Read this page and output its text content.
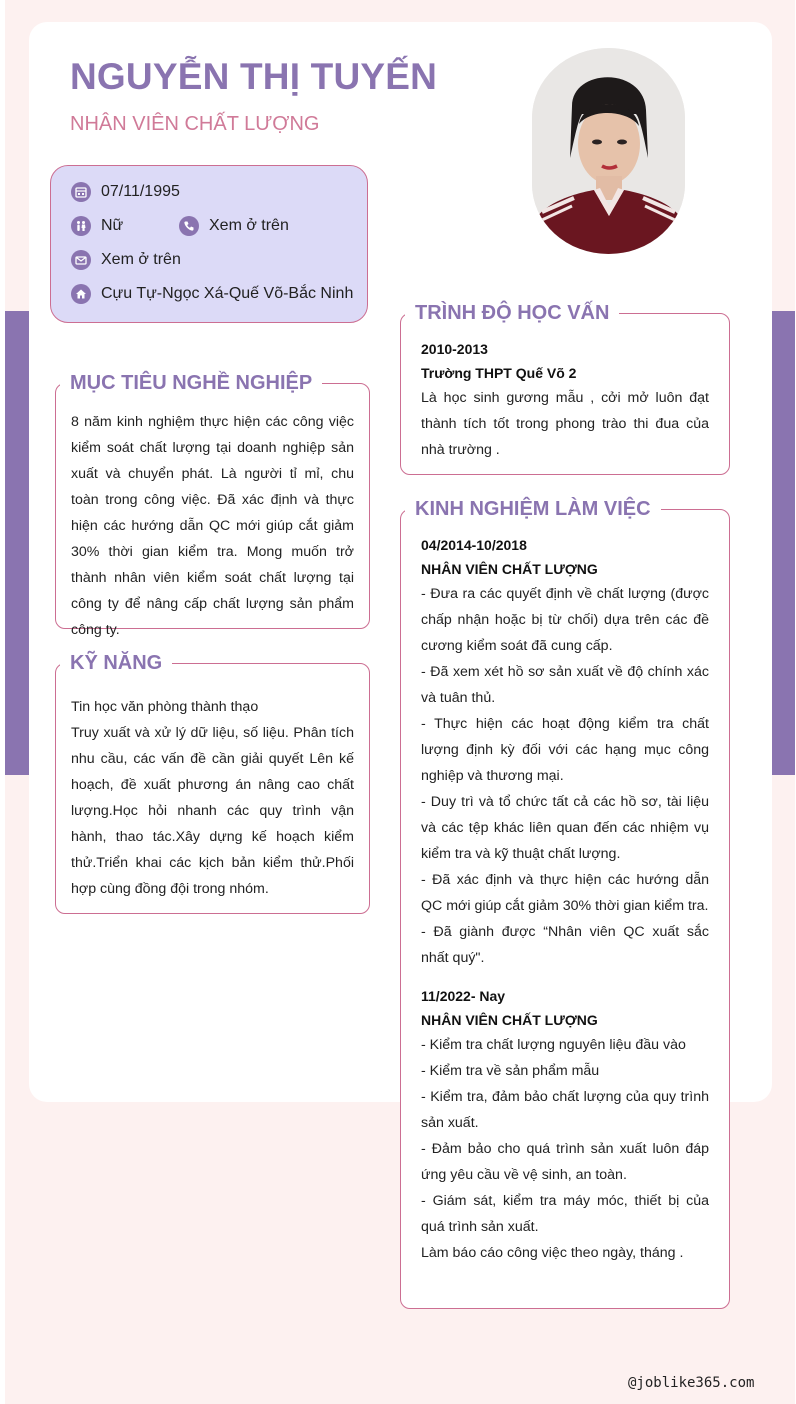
NGUYỄN THỊ TUYẾN
NHÂN VIÊN CHẤT LƯỢNG
07/11/1995
Nữ	Xem ở trên
Xem ở trên
Cựu Tự-Ngọc Xá-Quế Võ-Bắc Ninh
MỤC TIÊU NGHỀ NGHIỆP
8 năm kinh nghiệm thực hiện các công việc kiểm soát chất lượng tại doanh nghiệp sản xuất và chuyển phát. Là người tỉ mỉ, chu toàn trong công việc. Đã xác định và thực hiện các hướng dẫn QC mới giúp cắt giảm 30% thời gian kiểm tra. Mong muốn trở thành nhân viên kiểm soát chất lượng tại công ty để nâng cấp chất lượng sản phẩm công ty.
KỸ NĂNG
Tin học văn phòng thành thạo
Truy xuất và xử lý dữ liệu, số liệu. Phân tích nhu cầu, các vấn đề cần giải quyết Lên kế hoạch, đề xuất phương án nâng cao chất lượng.Học hỏi nhanh các quy trình vận hành, thao tác.Xây dựng kế hoạch kiểm thử.Triển khai các kịch bản kiểm thử.Phối hợp cùng đồng đội trong nhóm.
TRÌNH ĐỘ HỌC VẤN
2010-2013
Trường THPT Quế Võ 2
Là học sinh gương mẫu , cởi mở luôn đạt thành tích tốt trong phong trào thi đua của nhà trường .
KINH NGHIỆM LÀM VIỆC
04/2014-10/2018
NHÂN VIÊN CHẤT LƯỢNG
- Đưa ra các quyết định về chất lượng (được chấp nhận hoặc bị từ chối) dựa trên các đề cương kiểm soát đã cung cấp.
- Đã xem xét hồ sơ sản xuất về độ chính xác và tuân thủ.
- Thực hiện các hoạt động kiểm tra chất lượng định kỳ đối với các hạng mục công nghiệp và thương mại.
- Duy trì và tổ chức tất cả các hồ sơ, tài liệu và các tệp khác liên quan đến các nhiệm vụ kiểm tra và kỹ thuật chất lượng.
- Đã xác định và thực hiện các hướng dẫn QC mới giúp cắt giảm 30% thời gian kiểm tra.
- Đã giành được “Nhân viên QC xuất sắc nhất quý".
11/2022- Nay
NHÂN VIÊN CHẤT LƯỢNG
- Kiểm tra chất lượng nguyên liệu đầu vào
- Kiểm tra về sản phẩm mẫu
- Kiểm tra, đảm bảo chất lượng của quy trình sản xuất.
- Đảm bảo cho quá trình sản xuất luôn đáp ứng yêu cầu về vệ sinh, an toàn.
- Giám sát, kiểm tra máy móc, thiết bị của quá trình sản xuất.
Làm báo cáo công việc theo ngày, tháng .
@joblike365.com
